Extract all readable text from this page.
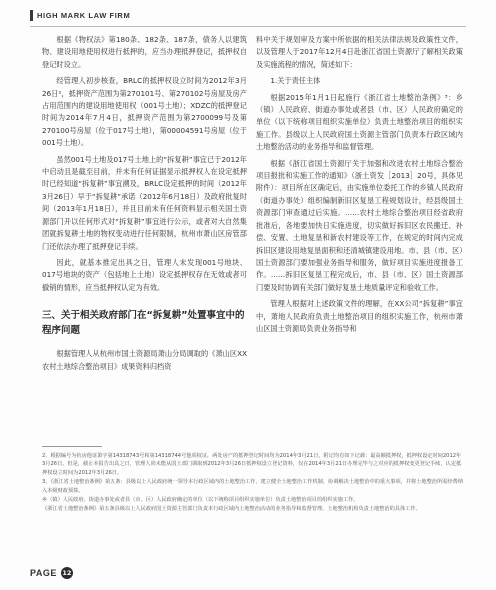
HIGH MARK LAW FIRM

根据《物权法》第180条、182条、187条，债务人以建筑物、建设用地使用权进行抵押的，应当办理抵押登记，抵押权自登记时设立。

经管理人初步核查，BRLC的抵押权设立时间为2012年3月26日²，抵押资产范围为第270101号、第270102号房屋及房产占用范围内的建设用地使用权（001号土地）；XDZC的抵押登记时间为2014年7月4日，抵押资产范围为第2700099号及第270100号房屋（位于017号土地），第00004591号房屋（位于001号土地）。

虽然001号土地及017号土地上的“拆复耕”事宜已于2012年中启动且是截至目前，并未有任何证据显示抵押权人在设定抵押时已经知道“拆复耕”事宜溯及，BRLC设定抵押的时间（2012年3月26日）早于“拆复耕”承诺（2012年6月18日）及政府批复时间（2013年1月18日），并且目前未有任何资料显示相关国土资源部门开以任何形式对“拆复耕”事宜进行公示，或者对大自然集团就拆复耕土地的物权变动进行任何限制，杭州市萧山区房管部门还依法办理了抵押登记手续。

因此，就基本推定出具之日，管理人未发现001号地块、017号地块的资产（包括地上土地）设定抵押权存在无效或者可撤销的情形，应当抵押权认定为有效。

三、关于相关政府部门在“拆复耕”处置事宜中的程序问题

根据管理人从杭州市国土资源局萧山分局调取的《萧山区XX农村土地综合整治项目》成果资料归档资

料中关于规划审及方案中所依据的相关法律法规及政策性文件，以及管理人于2017年12月4日赴浙江省国土资源厅了解相关政策及实施流程的情况，简述如下：

1.关于责任主体

根据2015年1月1日起施行《浙江省土地整治条例》³：乡（镇）人民政府、街道办事处或者县（市、区）人民政府确定的单位（以下统称项目组织实施单位）负责土地整治项目的组织实施工作。县级以上人民政府国土资源主管部门负责本行政区域内土地整治活动的业务指导和监督管理。

根据《浙江省国土资源厅关于加强和改进农村土地综合整治项目报批和实施工作的通知》（浙土资发［2013］20号，具体见附件）：项目所在区确定后，由实施单位委托工作的乡镇人民政府（街道办事处）组织编制新旧区复垦工程规划设计，经县级国土资源部门审查通过后实施。……农村土地综合整治项目经省政府批准后，各地要加快日实施进度，切实做好拆旧区农民搬迁、补偿、安置、土地复垦和新农村建设等工作，在规定的时间内完成拆旧区建设用地复垦面积和还清城镇建设用地。市、县（市、区）国土资源部门要加强业务指导和服务，做好项目实施进度报备工作。……拆旧区复垦工程完成后，市、县（市、区）国土资源部门要及时协调有关部门做好复垦土地质量评定和验收工作。

管理人根据对上述政策文件的理解，在XX公司“拆复耕”事宜中，萧地人民政府负责土地整治项目的组织实施工作，杭州市萧山区国土资源局负责业务指导和

2、根据编号为杭房他证萧字第14318743号和第14318744号他项权证，两处房产的抵押登记时间均为2014年3月21日，附记均有如下记载：最高额抵押权，抵押权设定时间2012年3月26日。但是，截止本报告出具之日，管理人尚未能从国土部门调取到2012年3月26日抵押权设立登记资料，仅在2014年3月21日办理完毕与之对应的抵押权变更登记手续，认定抵押权设立时间为2012年3月26日。

3、《浙江省土地整治条例》第五条：县级以上人民政府统一领导本行政区域内的土地整治工作，建立健全土地整治工作机制，协调解决土地整治中的重大事项，并将土地整治所需经费纳入本级财政预算。

乡（镇）人民政府、街道办事处或者县（市、区）人民政府确定的单位（以下统称项目组织实施单位）负责土地整治项目的组织实施工作。

《浙江省土地整治条例》第五条县级以上人民政府国土资源主管部门负责本行政区域内土地整治活动的业务指导和监督管理。土地整治机构负责土地整治的具体工作。

PAGE 12
